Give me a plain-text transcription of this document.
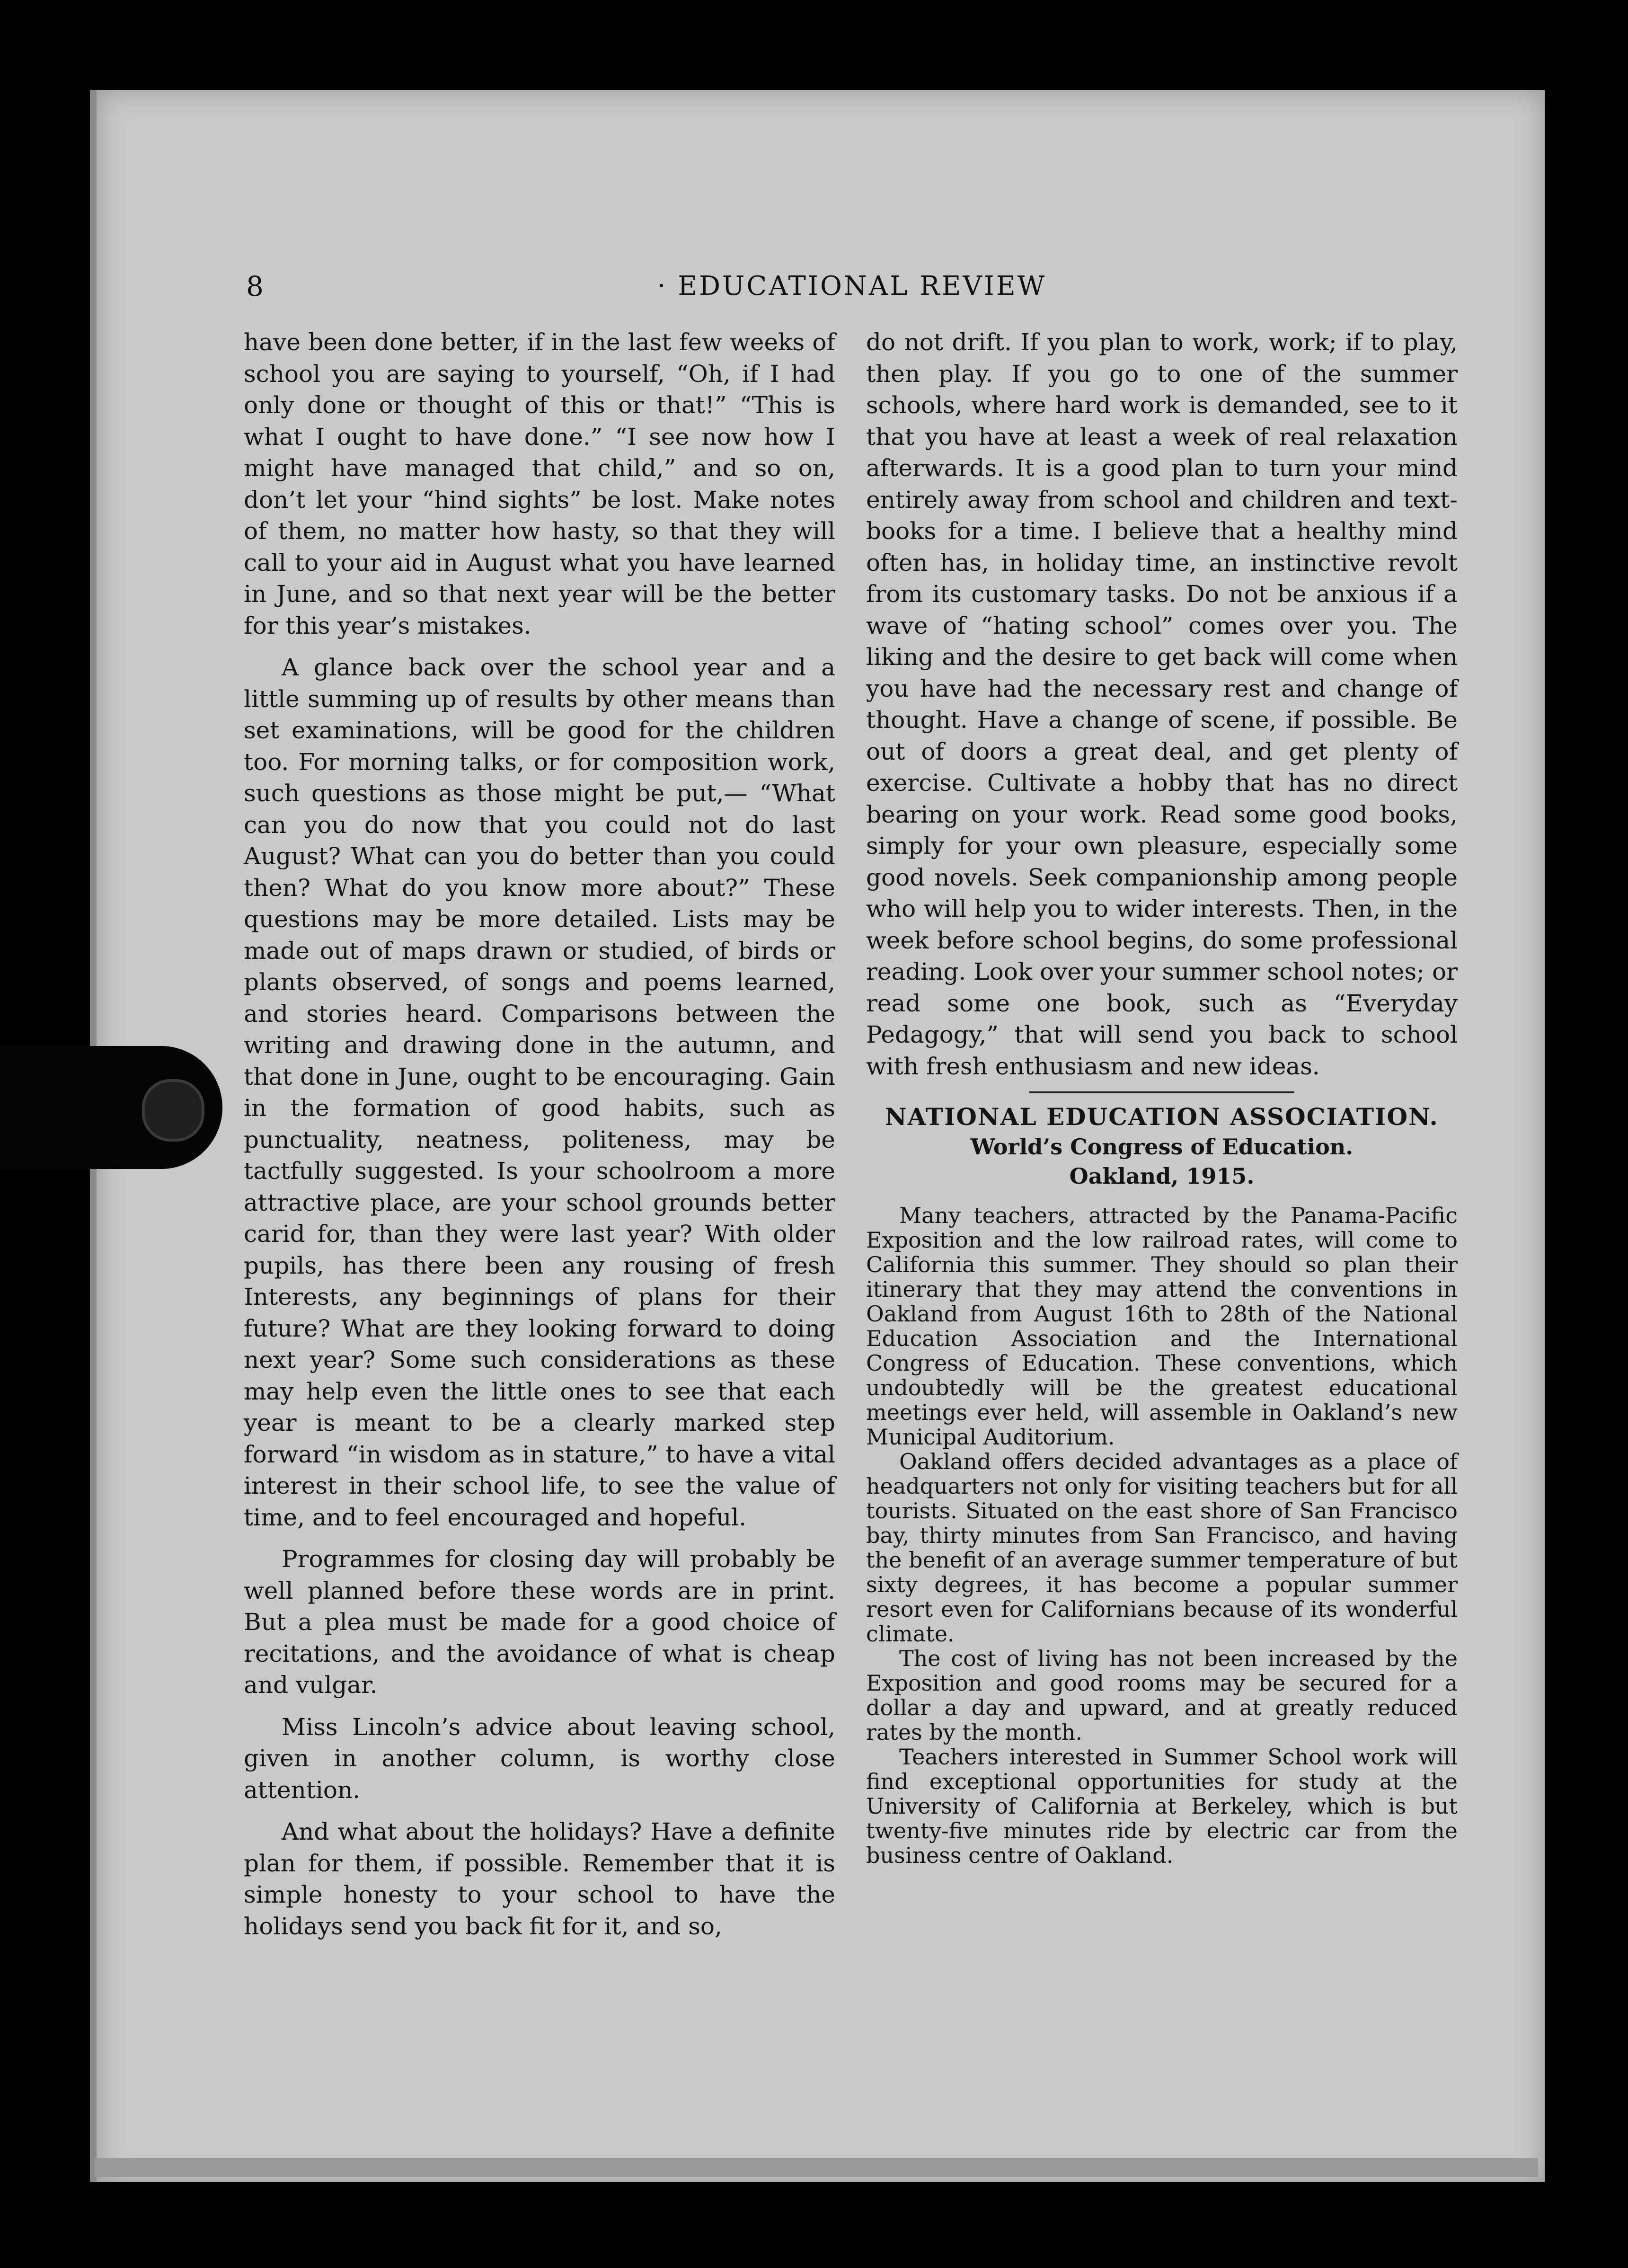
8	· EDUCATIONAL REVIEW

have been done better, if in the last few weeks of school you are saying to yourself, “Oh, if I had only done or thought of this or that!” “This is what I ought to have done.” “I see now how I might have managed that child,” and so on, don’t let your “hind sights” be lost. Make notes of them, no matter how hasty, so that they will call to your aid in August what you have learned in June, and so that next year will be the better for this year’s mistakes.

A glance back over the school year and a little summing up of results by other means than set examinations, will be good for the children too. For morning talks, or for composition work, such questions as those might be put,— “What can you do now that you could not do last August? What can you do better than you could then? What do you know more about?” These questions may be more detailed. Lists may be made out of maps drawn or studied, of birds or plants observed, of songs and poems learned, and stories heard. Comparisons between the writing and drawing done in the autumn, and that done in June, ought to be encouraging. Gain in the formation of good habits, such as punctuality, neatness, politeness, may be tactfully suggested. Is your schoolroom a more attractive place, are your school grounds better carid for, than they were last year? With older pupils, has there been any rousing of fresh Interests, any beginnings of plans for their future? What are they looking forward to doing next year? Some such considerations as these may help even the little ones to see that each year is meant to be a clearly marked step forward “in wisdom as in stature,” to have a vital interest in their school life, to see the value of time, and to feel encouraged and hopeful.

Programmes for closing day will probably be well planned before these words are in print. But a plea must be made for a good choice of recitations, and the avoidance of what is cheap and vulgar.

Miss Lincoln’s advice about leaving school, given in another column, is worthy close attention.

And what about the holidays? Have a definite plan for them, if possible. Remember that it is simple honesty to your school to have the holidays send you back fit for it, and so,

do not drift. If you plan to work, work; if to play, then play. If you go to one of the summer schools, where hard work is demanded, see to it that you have at least a week of real relaxation afterwards. It is a good plan to turn your mind entirely away from school and children and text-books for a time. I believe that a healthy mind often has, in holiday time, an instinctive revolt from its customary tasks. Do not be anxious if a wave of “hating school” comes over you. The liking and the desire to get back will come when you have had the necessary rest and change of thought. Have a change of scene, if possible. Be out of doors a great deal, and get plenty of exercise. Cultivate a hobby that has no direct bearing on your work. Read some good books, simply for your own pleasure, especially some good novels. Seek companionship among people who will help you to wider interests. Then, in the week before school begins, do some professional reading. Look over your summer school notes; or read some one book, such as “Everyday Pedagogy,” that will send you back to school with fresh enthusiasm and new ideas.

NATIONAL EDUCATION ASSOCIATION.
World’s Congress of Education.
Oakland, 1915.

Many teachers, attracted by the Panama-Pacific Exposition and the low railroad rates, will come to California this summer. They should so plan their itinerary that they may attend the conventions in Oakland from August 16th to 28th of the National Education Association and the International Congress of Education. These conventions, which undoubtedly will be the greatest educational meetings ever held, will assemble in Oakland’s new Municipal Auditorium.

Oakland offers decided advantages as a place of headquarters not only for visiting teachers but for all tourists. Situated on the east shore of San Francisco bay, thirty minutes from San Francisco, and having the benefit of an average summer temperature of but sixty degrees, it has become a popular summer resort even for Californians because of its wonderful climate.

The cost of living has not been increased by the Exposition and good rooms may be secured for a dollar a day and upward, and at greatly reduced rates by the month.

Teachers interested in Summer School work will find exceptional opportunities for study at the University of California at Berkeley, which is but twenty-five minutes ride by electric car from the business centre of Oakland.
